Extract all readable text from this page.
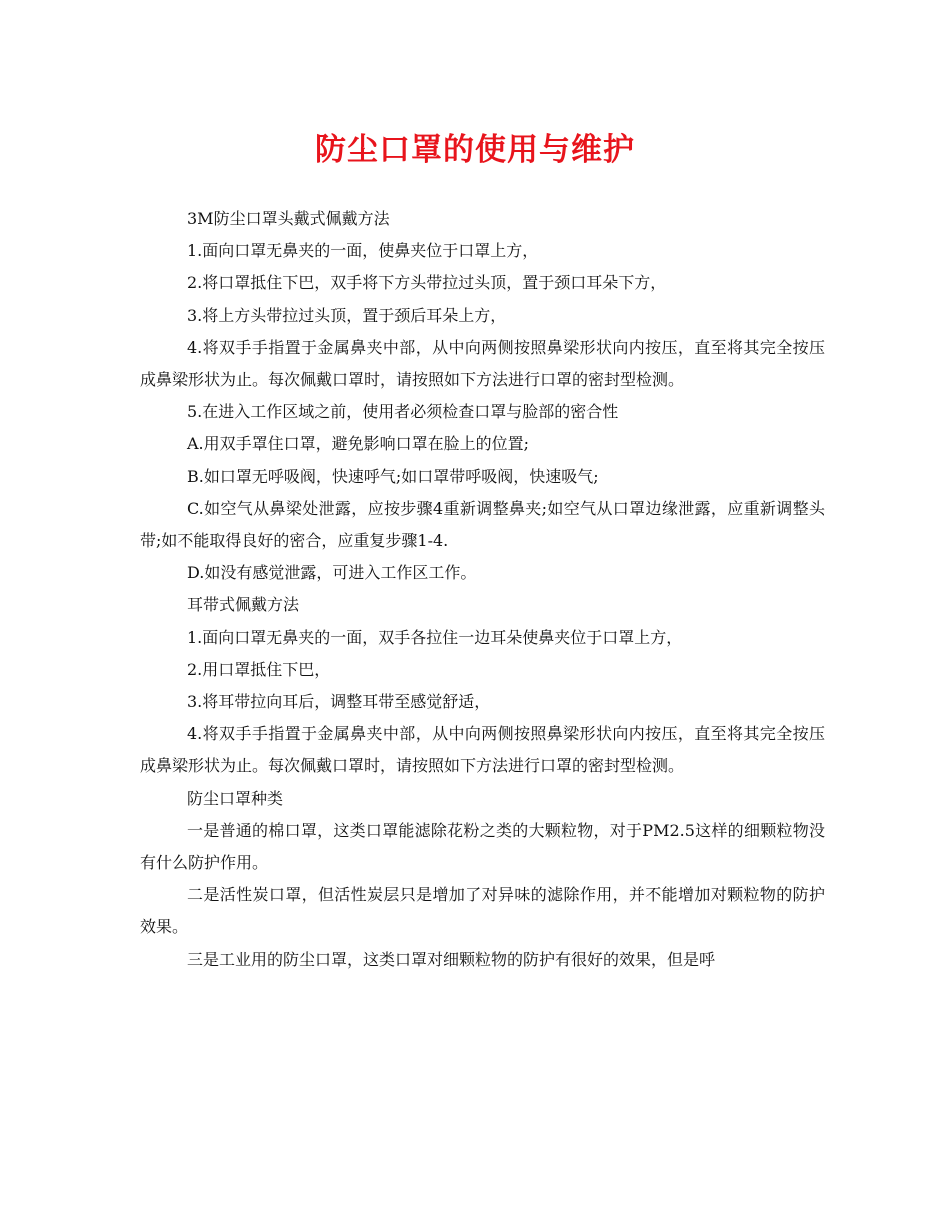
防尘口罩的使用与维护

3M防尘口罩头戴式佩戴方法

1.面向口罩无鼻夹的一面，使鼻夹位于口罩上方，

2.将口罩抵住下巴，双手将下方头带拉过头顶，置于颈口耳朵下方，

3.将上方头带拉过头顶，置于颈后耳朵上方，

4.将双手手指置于金属鼻夹中部，从中向两侧按照鼻梁形状向内按压，直至将其完全按压成鼻梁形状为止。每次佩戴口罩时，请按照如下方法进行口罩的密封型检测。

5.在进入工作区域之前，使用者必须检查口罩与脸部的密合性

A.用双手罩住口罩，避免影响口罩在脸上的位置;

B.如口罩无呼吸阀，快速呼气;如口罩带呼吸阀，快速吸气;

C.如空气从鼻梁处泄露，应按步骤4重新调整鼻夹;如空气从口罩边缘泄露，应重新调整头带;如不能取得良好的密合，应重复步骤1-4.

D.如没有感觉泄露，可进入工作区工作。

耳带式佩戴方法

1.面向口罩无鼻夹的一面，双手各拉住一边耳朵使鼻夹位于口罩上方，

2.用口罩抵住下巴，

3.将耳带拉向耳后，调整耳带至感觉舒适，

4.将双手手指置于金属鼻夹中部，从中向两侧按照鼻梁形状向内按压，直至将其完全按压成鼻梁形状为止。每次佩戴口罩时，请按照如下方法进行口罩的密封型检测。

防尘口罩种类

一是普通的棉口罩，这类口罩能滤除花粉之类的大颗粒物，对于PM2.5这样的细颗粒物没有什么防护作用。

二是活性炭口罩，但活性炭层只是增加了对异味的滤除作用，并不能增加对颗粒物的防护效果。

三是工业用的防尘口罩，这类口罩对细颗粒物的防护有很好的效果，但是呼
